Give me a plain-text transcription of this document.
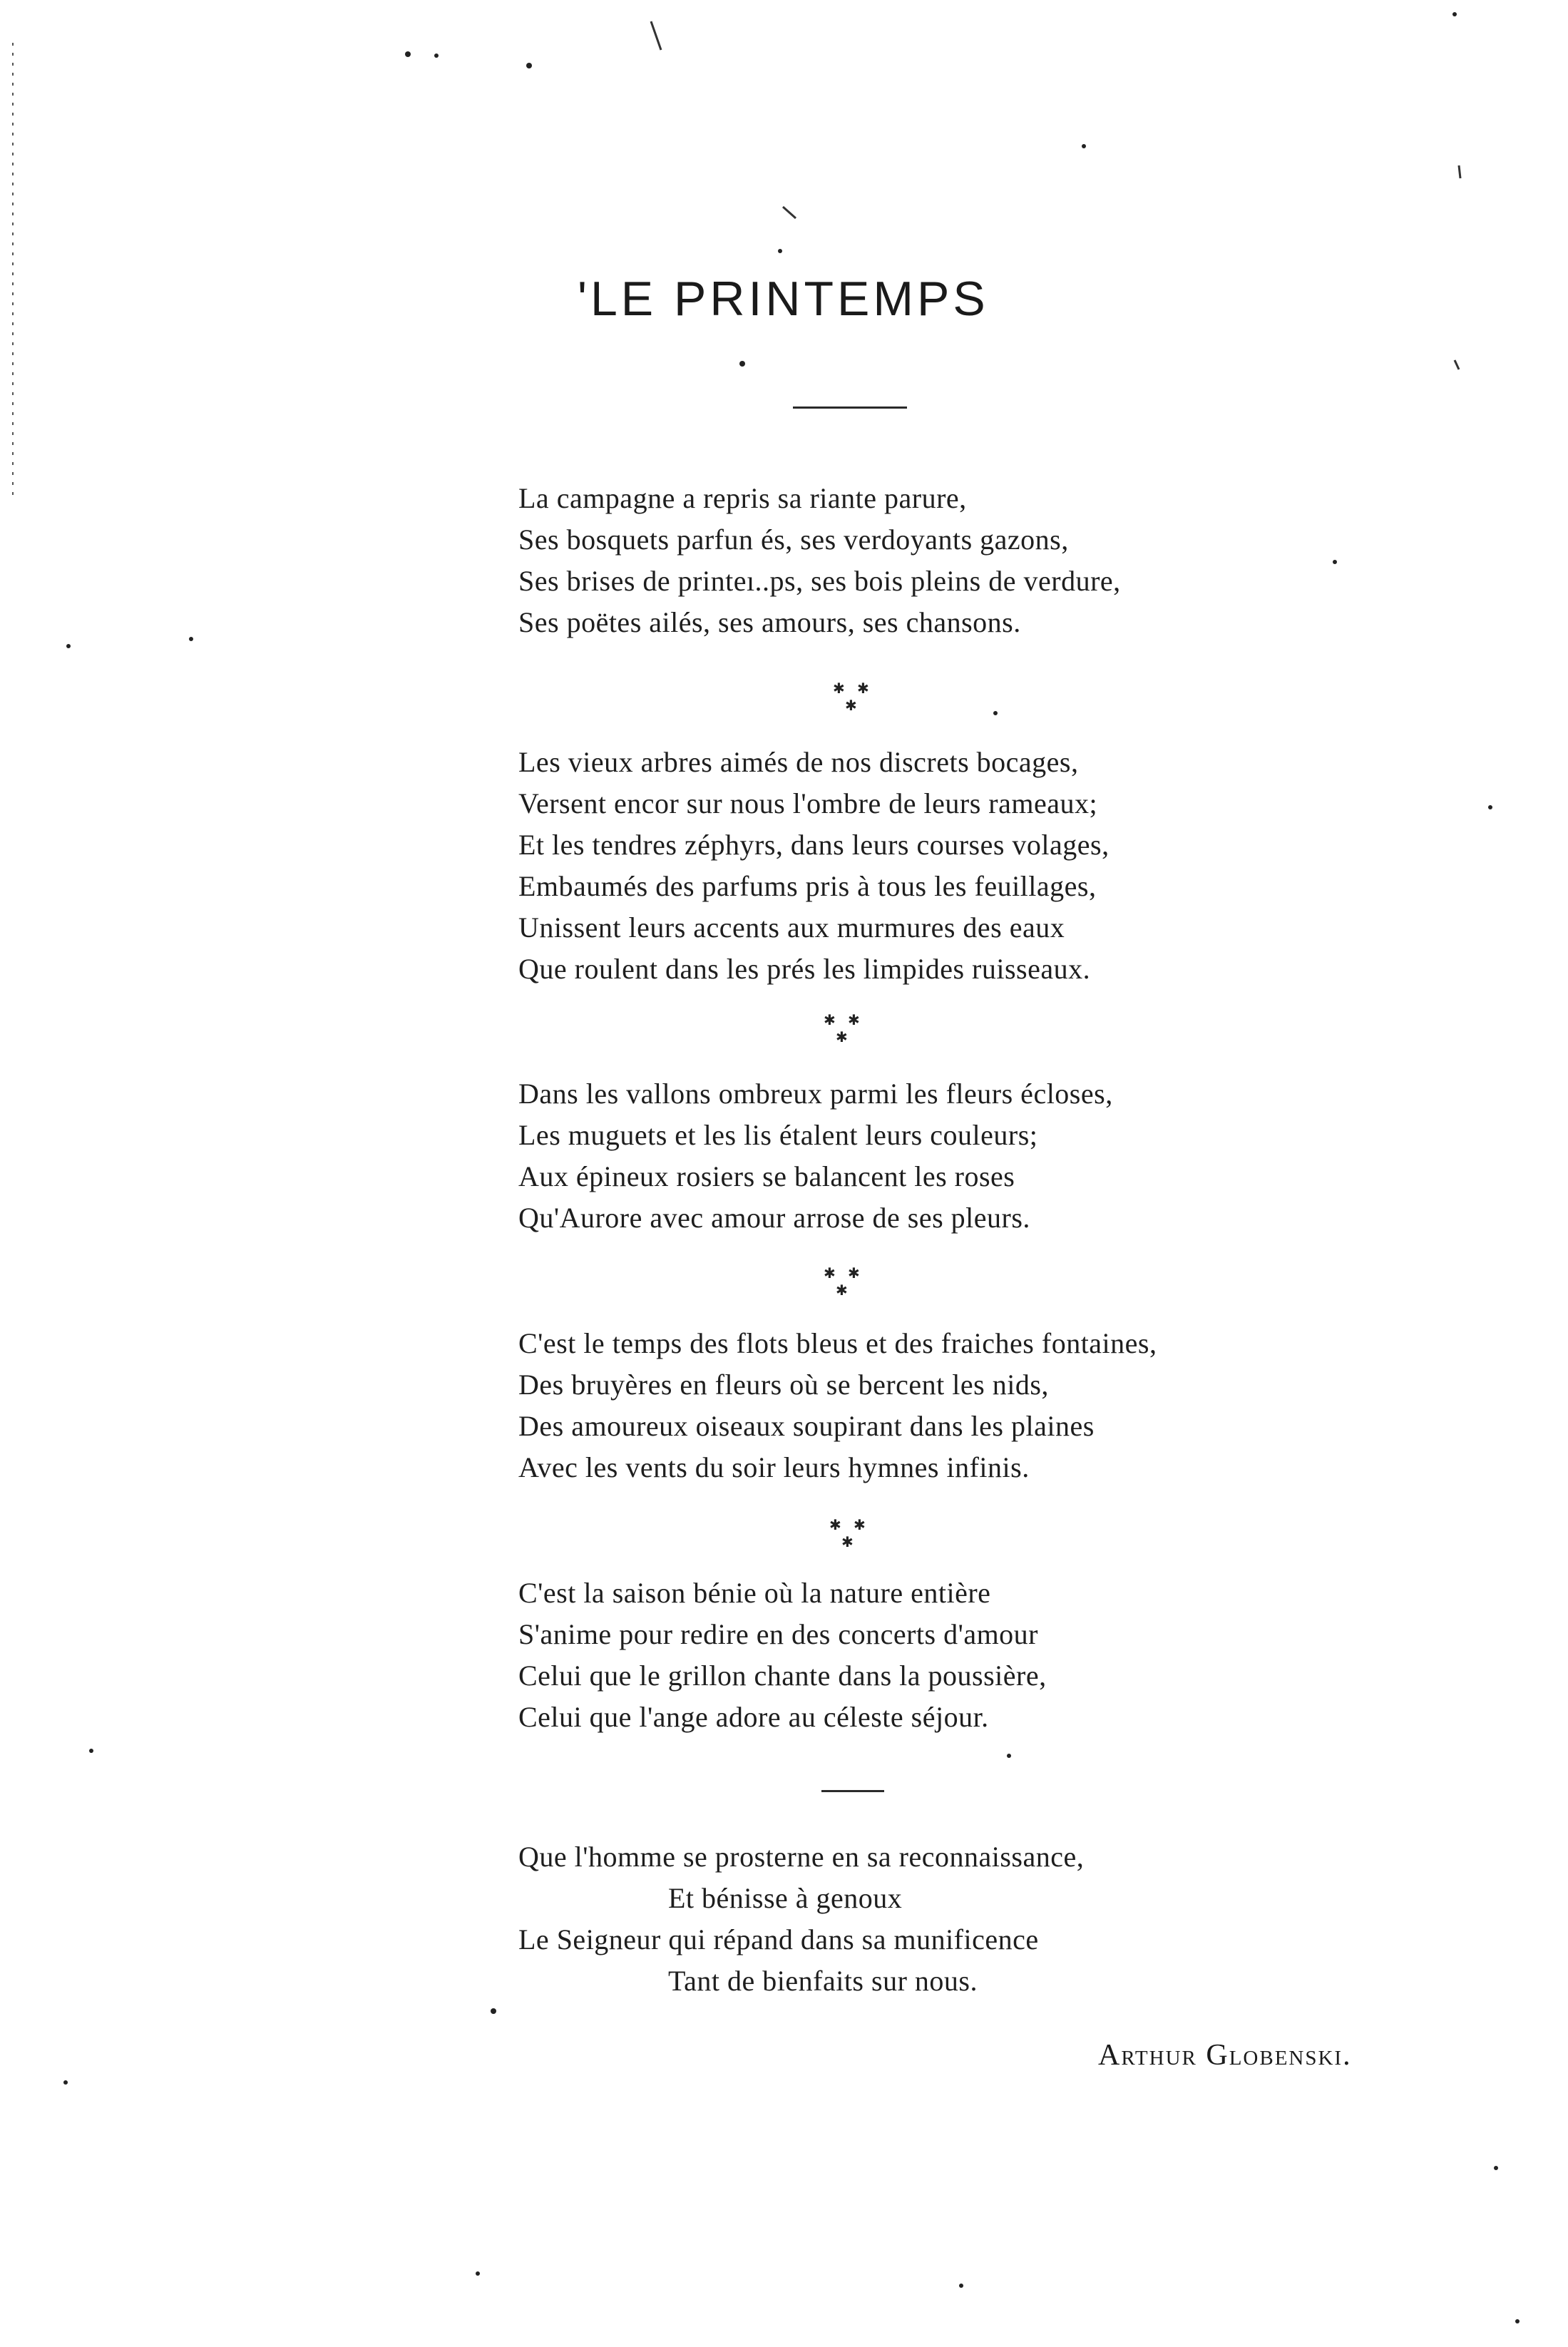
'LE PRINTEMPS
La campagne a repris sa riante parure,
Ses bosquets parfun és, ses verdoyants gazons,
Ses brises de printeı..ps, ses bois pleins de verdure,
Ses poëtes ailés, ses amours, ses chansons.
✱ ✱
✱
Les vieux arbres aimés de nos discrets bocages,
Versent encor sur nous l'ombre de leurs rameaux;
Et les tendres zéphyrs, dans leurs courses volages,
Embaumés des parfums pris à tous les feuillages,
Unissent leurs accents aux murmures des eaux
Que roulent dans les prés les limpides ruisseaux.
✱ ✱
✱
Dans les vallons ombreux parmi les fleurs écloses,
Les muguets et les lis étalent leurs couleurs;
Aux épineux rosiers se balancent les roses
Qu'Aurore avec amour arrose de ses pleurs.
✱ ✱
✱
C'est le temps des flots bleus et des fraiches fontaines,
Des bruyères en fleurs où se bercent les nids,
Des amoureux oiseaux soupirant dans les plaines
Avec les vents du soir leurs hymnes infinis.
✱ ✱
✱
C'est la saison bénie où la nature entière
S'anime pour redire en des concerts d'amour
Celui que le grillon chante dans la poussière,
Celui que l'ange adore au céleste séjour.
Que l'homme se prosterne en sa reconnaissance,
Et bénisse à genoux
Le Seigneur qui répand dans sa munificence
Tant de bienfaits sur nous.

Arthur Globenski.
